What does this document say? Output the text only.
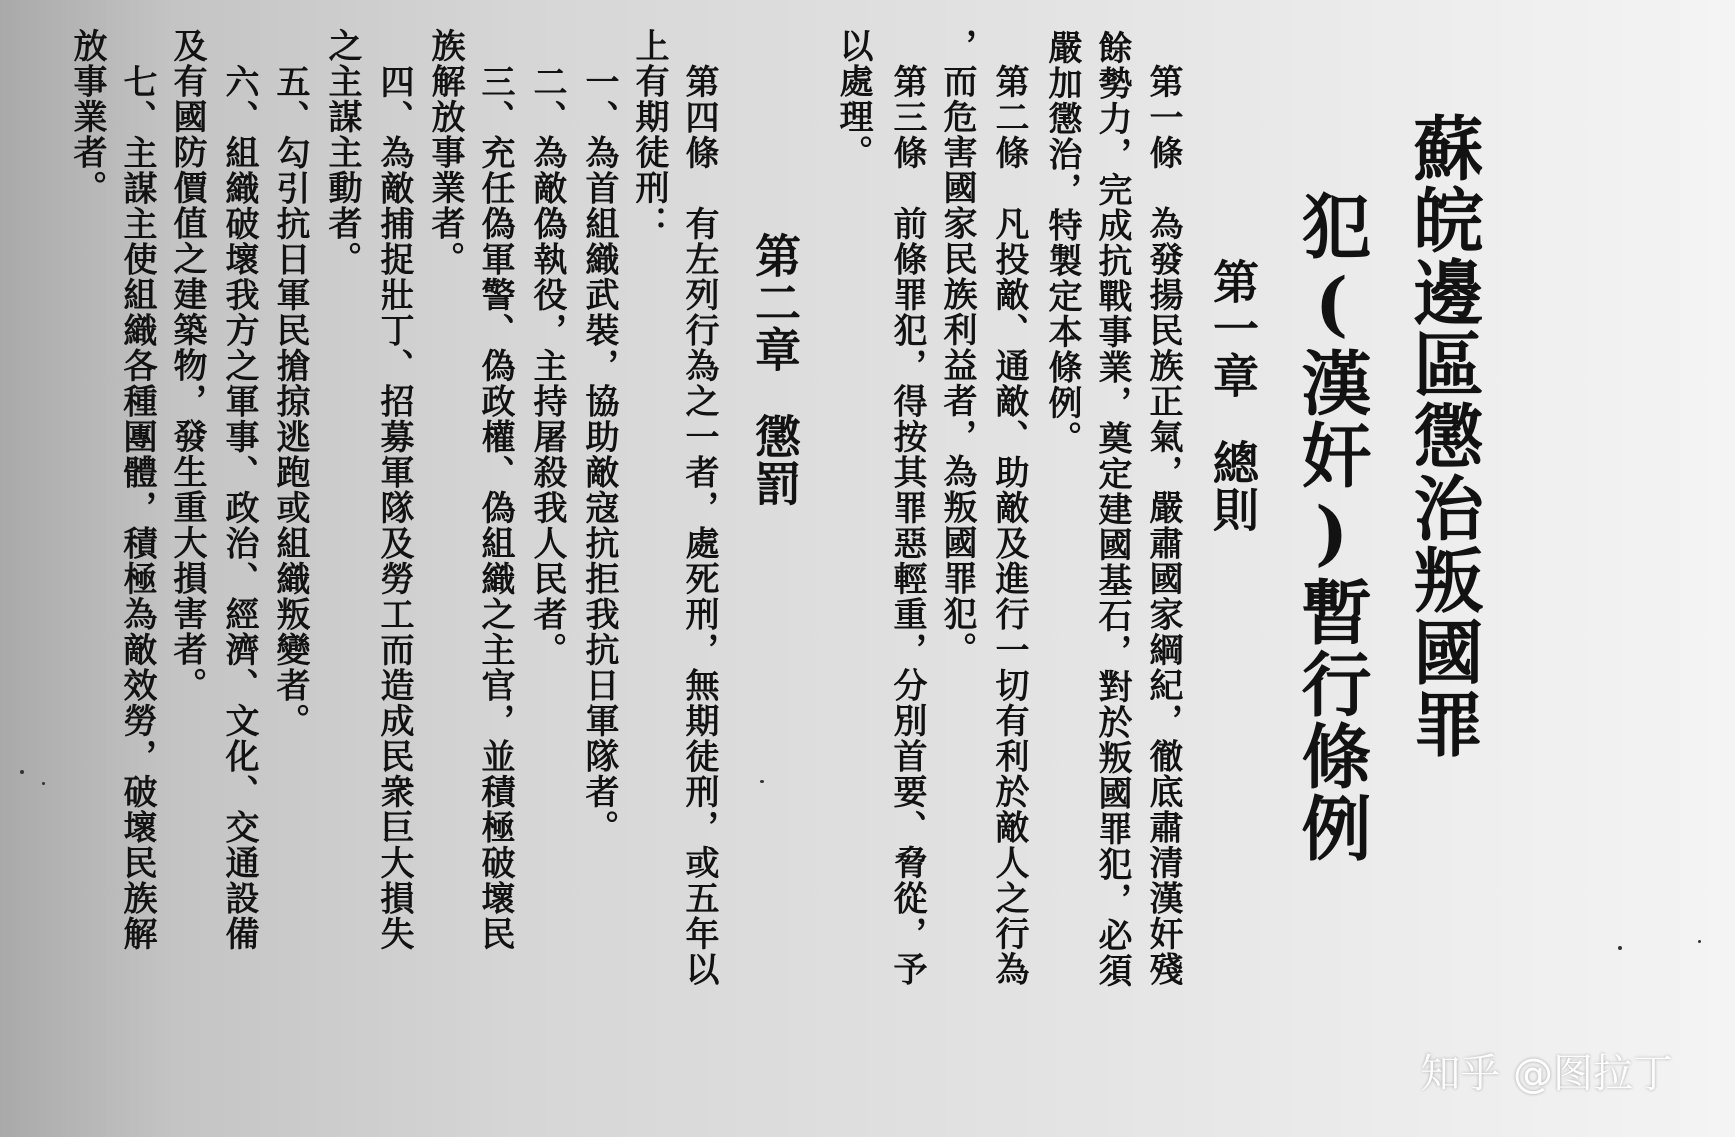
蘇皖邊區懲治叛國罪
犯(漢奸)暫行條例
第一章總則
第一條　為發揚民族正氣，嚴肅國家綱紀，徹底肅清漢奸殘
餘勢力，完成抗戰事業，奠定建國基石，對於叛國罪犯，必須
嚴加懲治，特製定本條例。
第二條　凡投敵、通敵、助敵及進行一切有利於敵人之行為
，而危害國家民族利益者，為叛國罪犯。
第三條　前條罪犯，得按其罪惡輕重，分別首要、脅從，予
以處理。
第二章懲罰
第四條　有左列行為之一者，處死刑，無期徒刑，或五年以
上有期徒刑：
一、為首組織武裝，協助敵寇抗拒我抗日軍隊者。
二、為敵偽執役，主持屠殺我人民者。
三、充任偽軍警、偽政權、偽組織之主官，並積極破壞民
族解放事業者。
四、為敵捕捉壯丁、招募軍隊及勞工而造成民衆巨大損失
之主謀主動者。
五、勾引抗日軍民搶掠逃跑或組織叛變者。
六、組織破壞我方之軍事、政治、經濟、文化、交通設備
及有國防價值之建築物，發生重大損害者。
七、主謀主使組織各種團體，積極為敵效勞，破壞民族解
放事業者。
知乎 @图拉丁
